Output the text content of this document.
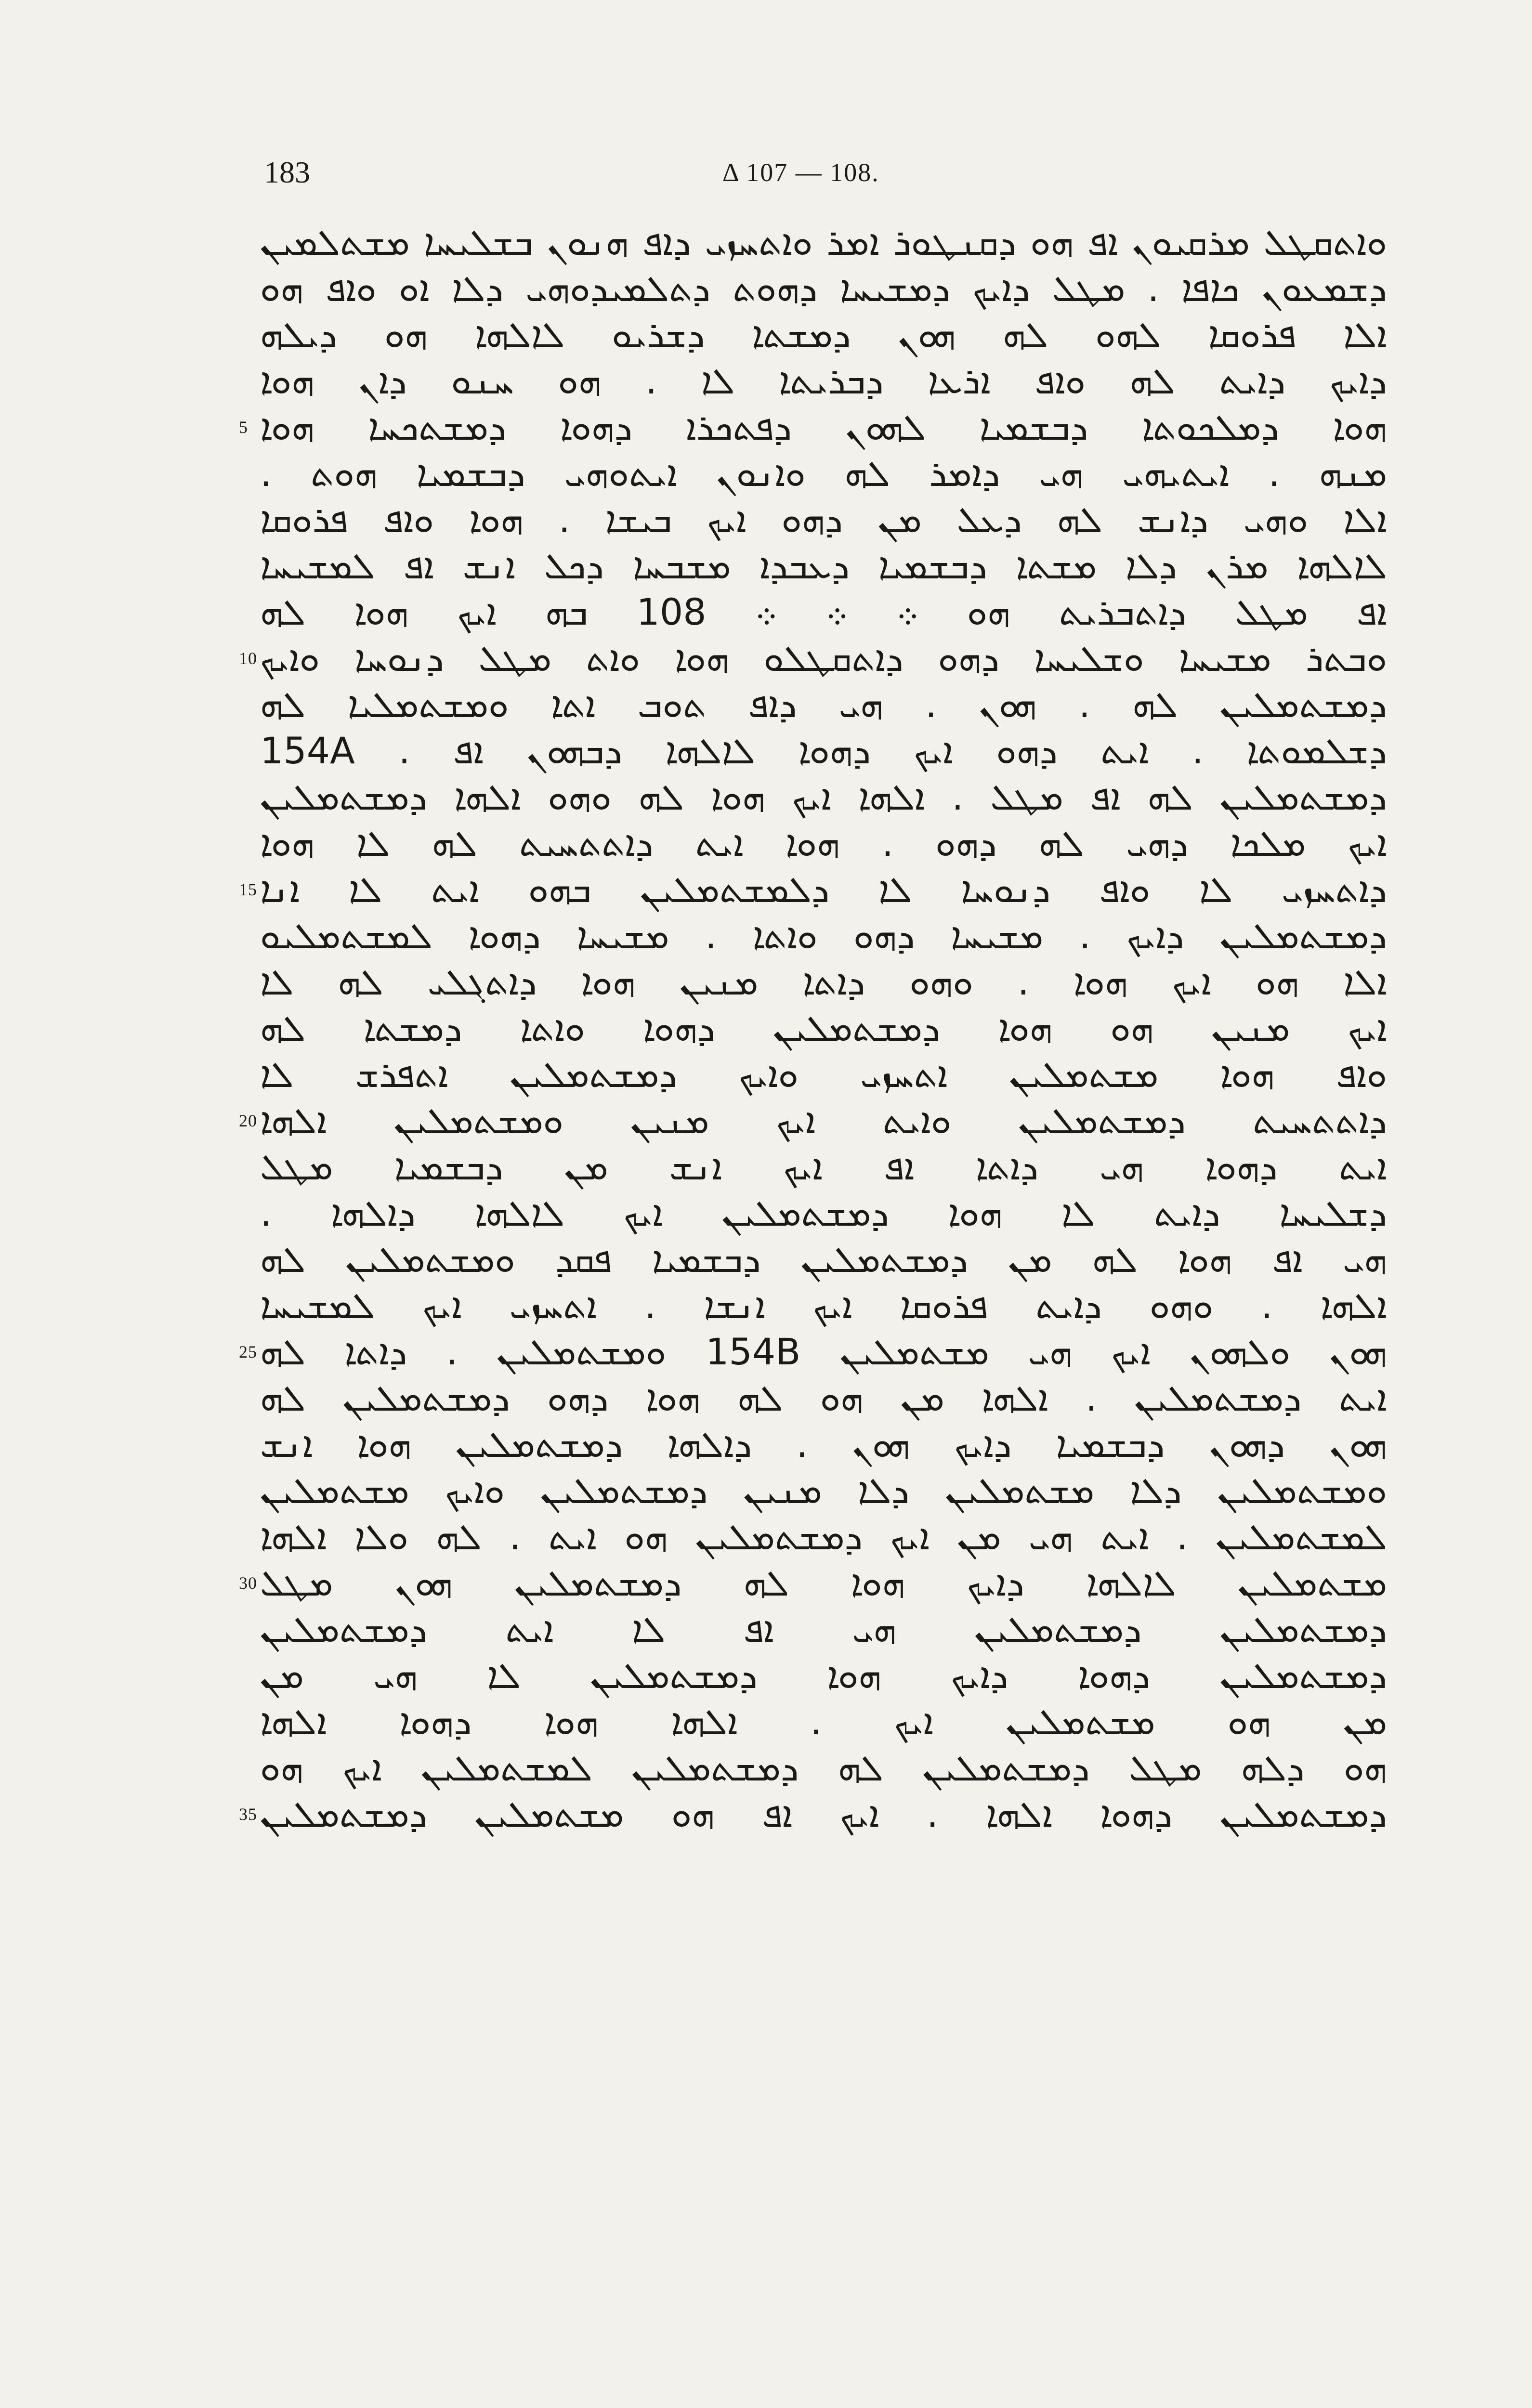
183	Δ 107 — 108.
ܘܐܬܩܛܠ ܡܪܩܝܘܢ ܐܦ ܗܘ ܕܩܢܛܘܪ ܐܡܪ ܘܐܬܚܙܝ ܕܐܦ ܗܢܘܢ ܒܫܠܝܚܐ ܡܫܬܠܡܝܢ
ܕܫܡܥܘܢ ܟܐܦܐ . ܡܛܠ ܕܐܝܟ ܕܡܫܝܚܐ ܕܗܘܬ ܕܬܠܡܝܕܘܗܝ ܕܠܐ ܐܘ ܘܐܦ ܗܘ
ܐܠܐ ܦܪܘܩܐ ܠܗܘ ܠܗ ܗܘܢ ܕܡܫܬܐ ܕܫܪܝܘ ܠܐܠܗܐ ܗܘ ܕܝܠܗ
ܕܐܝܟ ܕܐܝܬ ܠܗ ܘܐܦ ܐܪܥܐ ܕܒܪܝܬܐ ܠܐ . ܗܘ ܚܢܘ ܕܐܢ ܗܘܐ
5 ܗܘܐ ܕܡܠܟܘܬܐ ܕܒܫܡܝܐ ܠܗܘܢ ܕܦܬܟܪܐ ܕܗܘܐ ܕܡܫܬܟܚܐ ܗܘܐ
ܡܢܗ . ܐܝܬܝܗܝ ܗܝ ܕܐܡܪ ܠܗ ܘܐܢܘܢ ܐܝܬܘܗܝ ܕܒܫܡܝܐ ܗܘܬ .
ܐܠܐ ܘܗܝ ܕܐܢܫ ܠܗ ܕܥܠ ܡܢ ܕܗܘ ܐܝܟ ܒܝܫܐ . ܗܘܐ ܘܐܦ ܦܪܘܩܐ
ܠܐܠܗܐ ܡܪܢ ܕܠܐ ܡܫܬܐ ܕܒܫܡܝܐ ܕܥܒܕܐ ܡܫܒܚܐ ܕܟܠ ܐܢܫ ܐܦ ܠܡܫܝܚܐ
ܐܦ ܡܛܠ ܕܐܬܒܪܝܬ ܗܘ ܀ ܀ ܀ 108 ܒܗ ܐܝܟ ܗܘܐ ܠܗ
10 ܘܒܬܪ ܡܫܝܚܐ ܘܫܠܝܚܐ ܕܗܘ ܕܐܬܩܛܠܘ ܗܘܐ ܘܐܬ ܡܛܠ ܕܢܘܚܐ ܘܐܝܟ
ܕܡܫܬܡܠܝܢ ܠܗ . ܗܘܢ . ܗܝ ܕܐܦ ܬܘܒ ܐܬܐ ܘܡܫܬܡܠܝܐ ܠܗ
ܕܫܠܡܘܬܐ . ܐܝܬ ܕܗܘ ܐܝܟ ܕܗܘܐ ܠܐܠܗܐ ܕܒܗܘܢ ܐܦ . 154A
ܕܡܫܬܡܠܝܢ ܠܗ ܐܦ ܡܛܠ . ܐܠܗܐ ܐܝܟ ܗܘܐ ܠܗ ܘܗܘ ܐܠܗܐ ܕܡܫܬܡܠܝܢ
ܐܝܟ ܡܠܟܐ ܕܗܝ ܠܗ ܕܗܘ . ܗܘܐ ܐܝܬ ܕܐܬܬܚܝܬ ܠܗ ܠܐ ܗܘܐ
15 ܕܐܬܚܙܝ ܠܐ ܘܐܦ ܕܢܘܚܐ ܠܐ ܕܠܡܫܬܡܠܝܢ ܒܗܘ ܐܝܬ ܠܐ ܐܢܐ
ܕܡܫܬܡܠܝܢ ܕܐܝܟ . ܡܫܝܚܐ ܕܗܘ ܘܐܬܐ . ܡܫܝܚܐ ܕܗܘܐ ܠܡܫܬܡܠܝܘ
ܐܠܐ ܗܘ ܐܝܟ ܗܘܐ . ܘܗܘ ܕܐܬܐ ܡܢܝܢ ܗܘܐ ܕܐܬܓܠܝ ܠܗ ܠܐ
ܐܝܟ ܡܢܝܢ ܗܘ ܗܘܐ ܕܡܫܬܡܠܝܢ ܕܗܘܐ ܘܐܬܐ ܕܡܫܬܐ ܠܗ
ܘܐܦ ܗܘܐ ܡܫܬܡܠܝܢ ܐܬܚܙܝ ܘܐܝܟ ܕܡܫܬܡܠܝܢ ܐܬܦܪܫ ܠܐ
20 ܕܐܬܬܚܝܬ ܕܡܫܬܡܠܝܢ ܘܐܝܬ ܐܝܟ ܡܢܝܢ ܘܡܫܬܡܠܝܢ ܐܠܗܐ
ܐܝܬ ܕܗܘܐ ܗܝ ܕܐܬܐ ܐܦ ܐܝܟ ܐܢܫ ܡܢ ܕܒܫܡܝܐ ܡܛܠ
ܕܫܠܝܚܐ ܕܐܝܬ ܠܐ ܗܘܐ ܕܡܫܬܡܠܝܢ ܐܝܟ ܠܐܠܗܐ ܕܐܠܗܐ .
ܗܝ ܐܦ ܗܘܐ ܠܗ ܡܢ ܕܡܫܬܡܠܝܢ ܕܒܫܡܝܐ ܦܩܕ ܘܡܫܬܡܠܝܢ ܠܗ
ܐܠܗܐ . ܘܗܘ ܕܐܝܬ ܦܪܘܩܐ ܐܝܟ ܐܢܫܐ . ܐܬܚܙܝ ܐܝܟ ܠܡܫܝܚܐ
25 ܗܘܢ ܘܠܗܘܢ ܐܝܟ ܗܝ ܡܫܬܡܠܝܢ 154B ܘܡܫܬܡܠܝܢ . ܕܐܬܐ ܠܗ
ܐܝܬ ܕܡܫܬܡܠܝܢ . ܐܠܗܐ ܡܢ ܗܘ ܠܗ ܗܘܐ ܕܗܘ ܕܡܫܬܡܠܝܢ ܠܗ
ܗܘܢ ܕܗܘܢ ܕܒܫܡܝܐ ܕܐܝܟ ܗܘܢ . ܕܐܠܗܐ ܕܡܫܬܡܠܝܢ ܗܘܐ ܐܢܫ
ܘܡܫܬܡܠܝܢ ܕܠܐ ܡܫܬܡܠܝܢ ܕܠܐ ܡܢܝܢ ܕܡܫܬܡܠܝܢ ܘܐܝܟ ܡܫܬܡܠܝܢ
ܠܡܫܬܡܠܝܢ . ܐܝܬ ܗܝ ܡܢ ܐܝܟ ܕܡܫܬܡܠܝܢ ܗܘ ܐܝܬ . ܠܗ ܘܠܐ ܐܠܗܐ
30 ܡܫܬܡܠܝܢ ܠܐܠܗܐ ܕܐܝܟ ܗܘܐ ܠܗ ܕܡܫܬܡܠܝܢ ܗܘܢ ܡܛܠ
ܕܡܫܬܡܠܝܢ ܕܡܫܬܡܠܝܢ ܗܝ ܐܦ ܠܐ ܐܝܬ ܕܡܫܬܡܠܝܢ
ܕܡܫܬܡܠܝܢ ܕܗܘܐ ܕܐܝܟ ܗܘܐ ܕܡܫܬܡܠܝܢ ܠܐ ܗܝ ܡܢ
ܡܢ ܗܘ ܡܫܬܡܠܝܢ ܐܝܟ . ܐܠܗܐ ܗܘܐ ܕܗܘܐ ܐܠܗܐ
ܗܘ ܕܠܗ ܡܛܠ ܕܡܫܬܡܠܝܢ ܠܗ ܕܡܫܬܡܠܝܢ ܠܡܫܬܡܠܝܢ ܐܝܟ ܗܘ
35 ܕܡܫܬܡܠܝܢ ܕܗܘܐ ܐܠܗܐ . ܐܝܟ ܐܦ ܗܘ ܡܫܬܡܠܝܢ ܕܡܫܬܡܠܝܢ
